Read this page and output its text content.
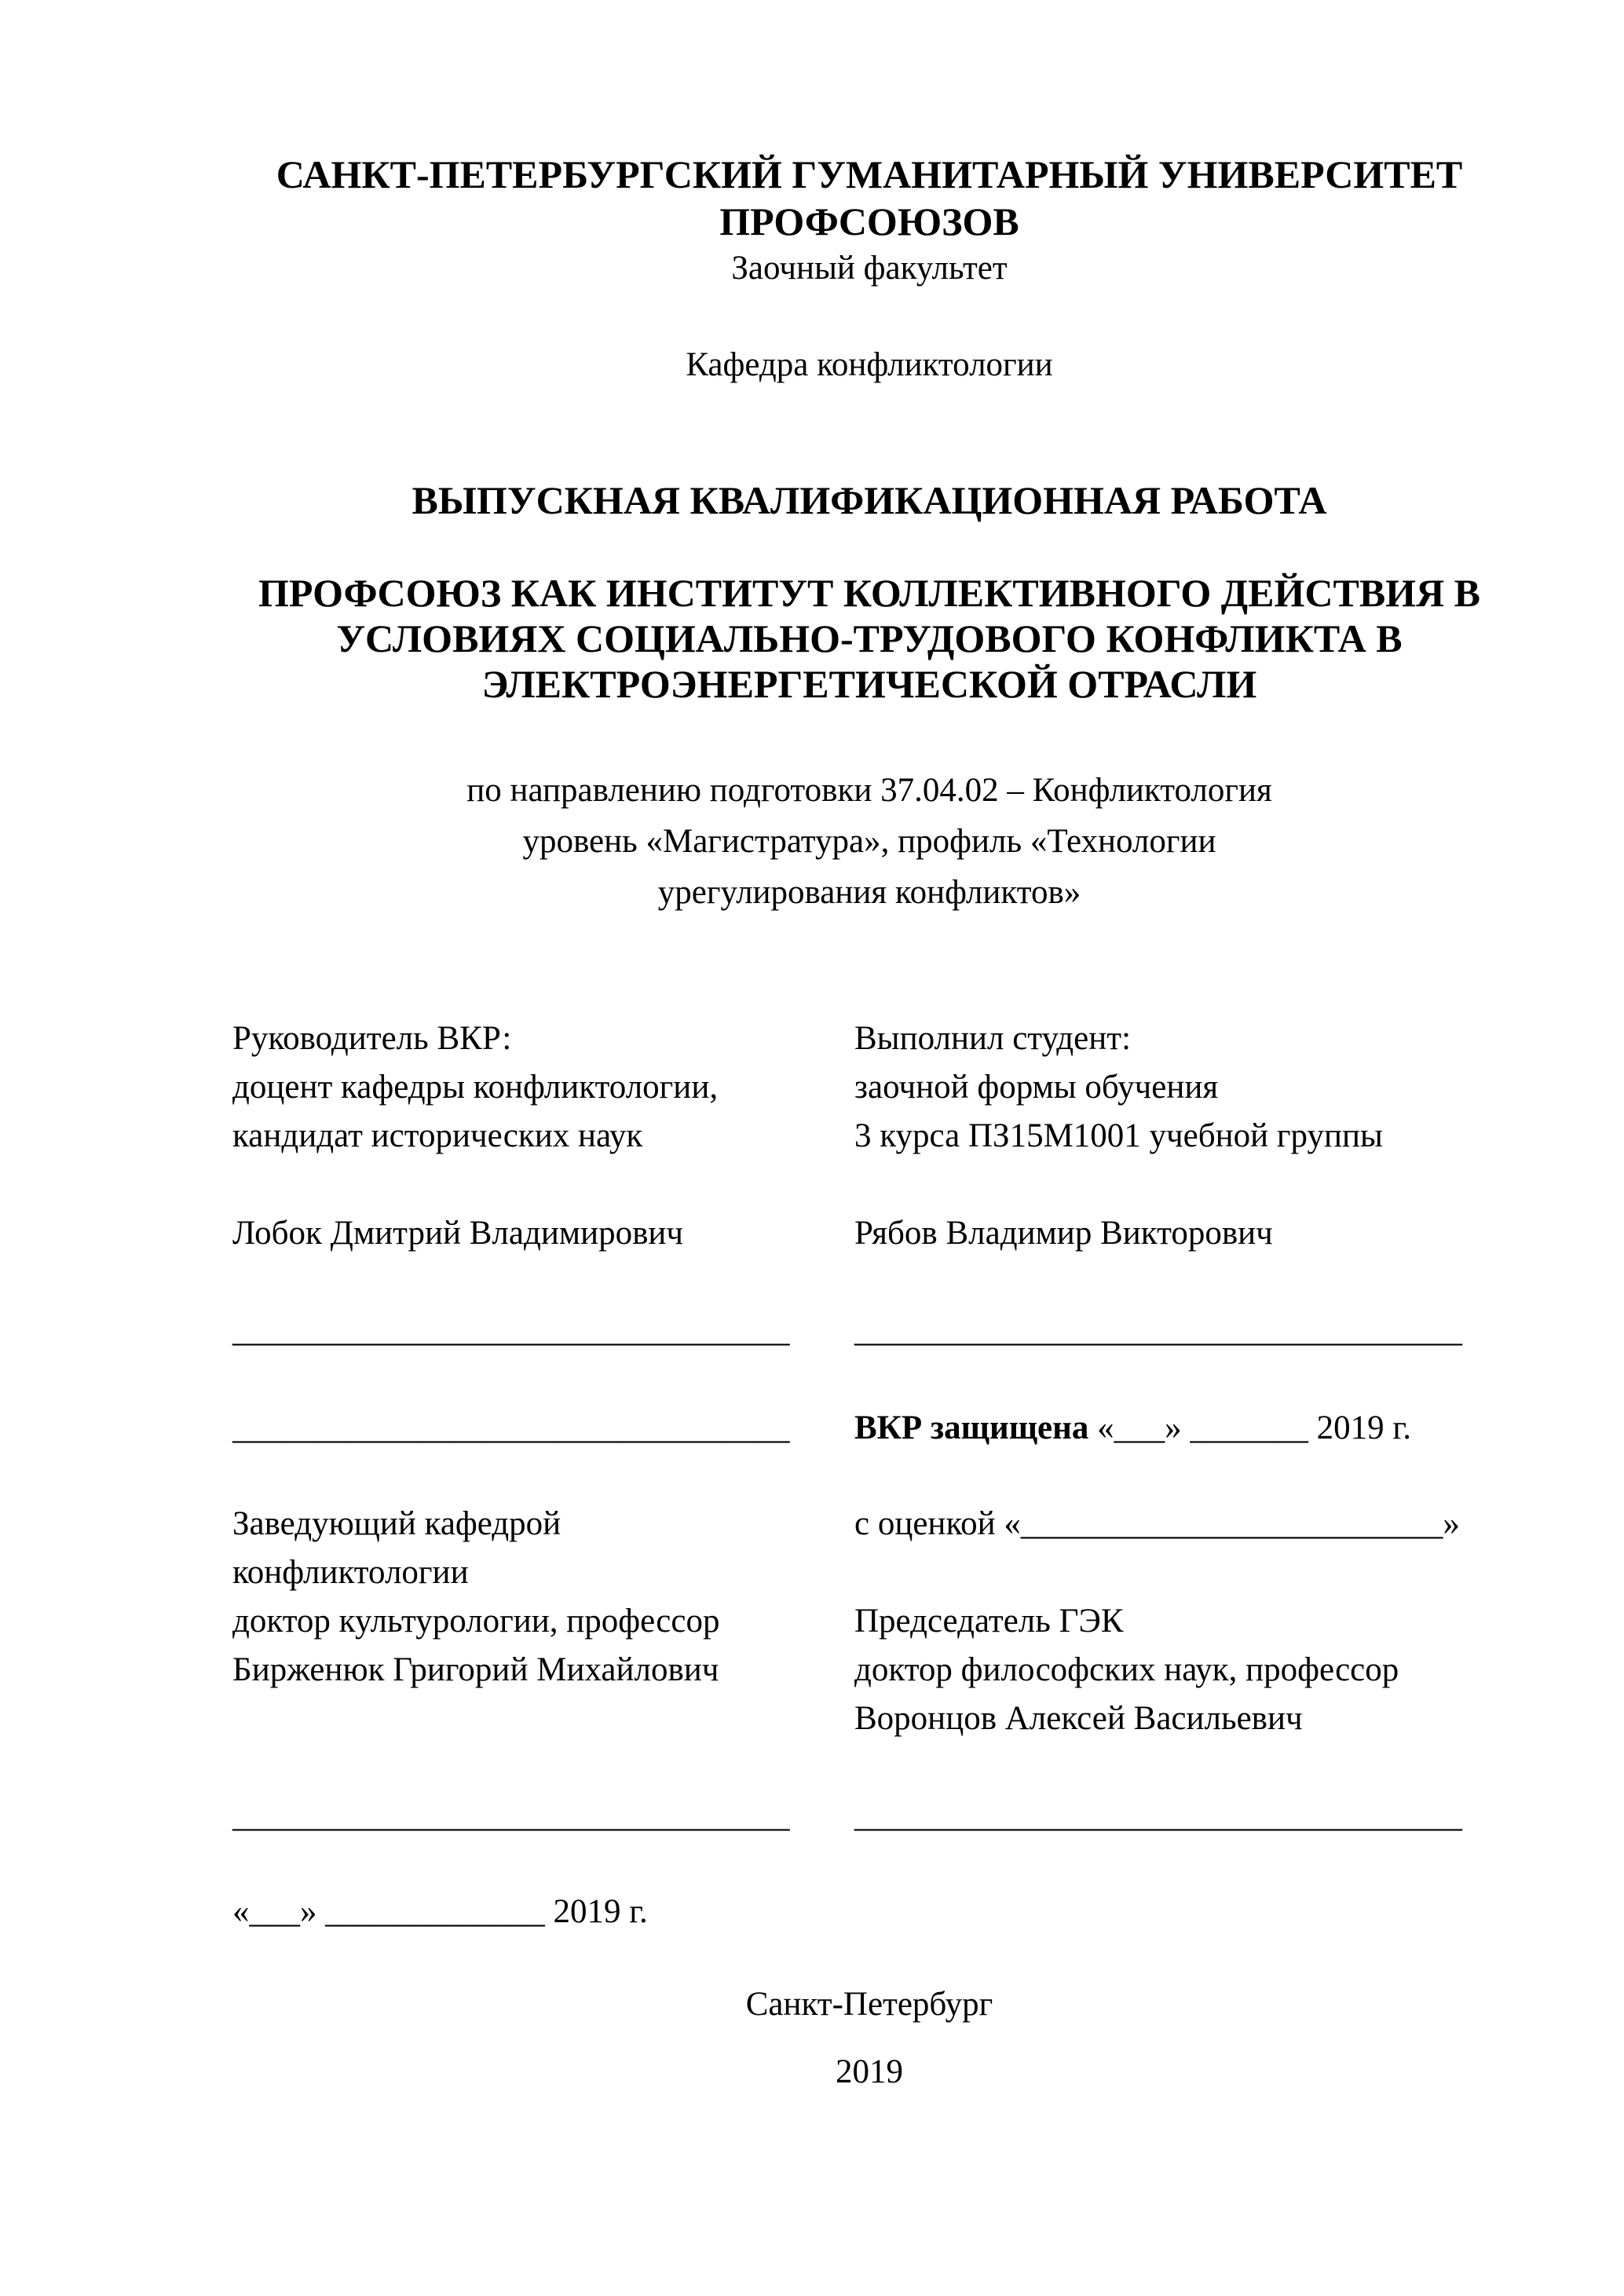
САНКТ-ПЕТЕРБУРГСКИЙ ГУМАНИТАРНЫЙ УНИВЕРСИТЕТ
ПРОФСОЮЗОВ
Заочный факультет
Кафедра конфликтологии
ВЫПУСКНАЯ КВАЛИФИКАЦИОННАЯ РАБОТА
ПРОФСОЮЗ КАК ИНСТИТУТ КОЛЛЕКТИВНОГО ДЕЙСТВИЯ В
УСЛОВИЯХ СОЦИАЛЬНО-ТРУДОВОГО КОНФЛИКТА В
ЭЛЕКТРОЭНЕРГЕТИЧЕСКОЙ ОТРАСЛИ
по направлению подготовки 37.04.02 – Конфликтология
уровень «Магистратура», профиль «Технологии
урегулирования конфликтов»
Руководитель ВКР:	Выполнил студент:
доцент кафедры конфликтологии,	заочной формы обучения
кандидат исторических наук	3 курса ПЗ15М1001 учебной группы
Лобок Дмитрий Владимирович	Рябов Владимир Викторович
_________________________________ ____________________________________
_________________________________ ВКР защищена «___» _______ 2019 г.
Заведующий кафедрой	с оценкой «_________________________»
конфликтологии
доктор культурологии, профессор	Председатель ГЭК
Бирженюк Григорий Михайлович	доктор философских наук, профессор
Воронцов Алексей Васильевич
_________________________________ ____________________________________
«___» _____________ 2019 г.
Санкт-Петербург
2019
